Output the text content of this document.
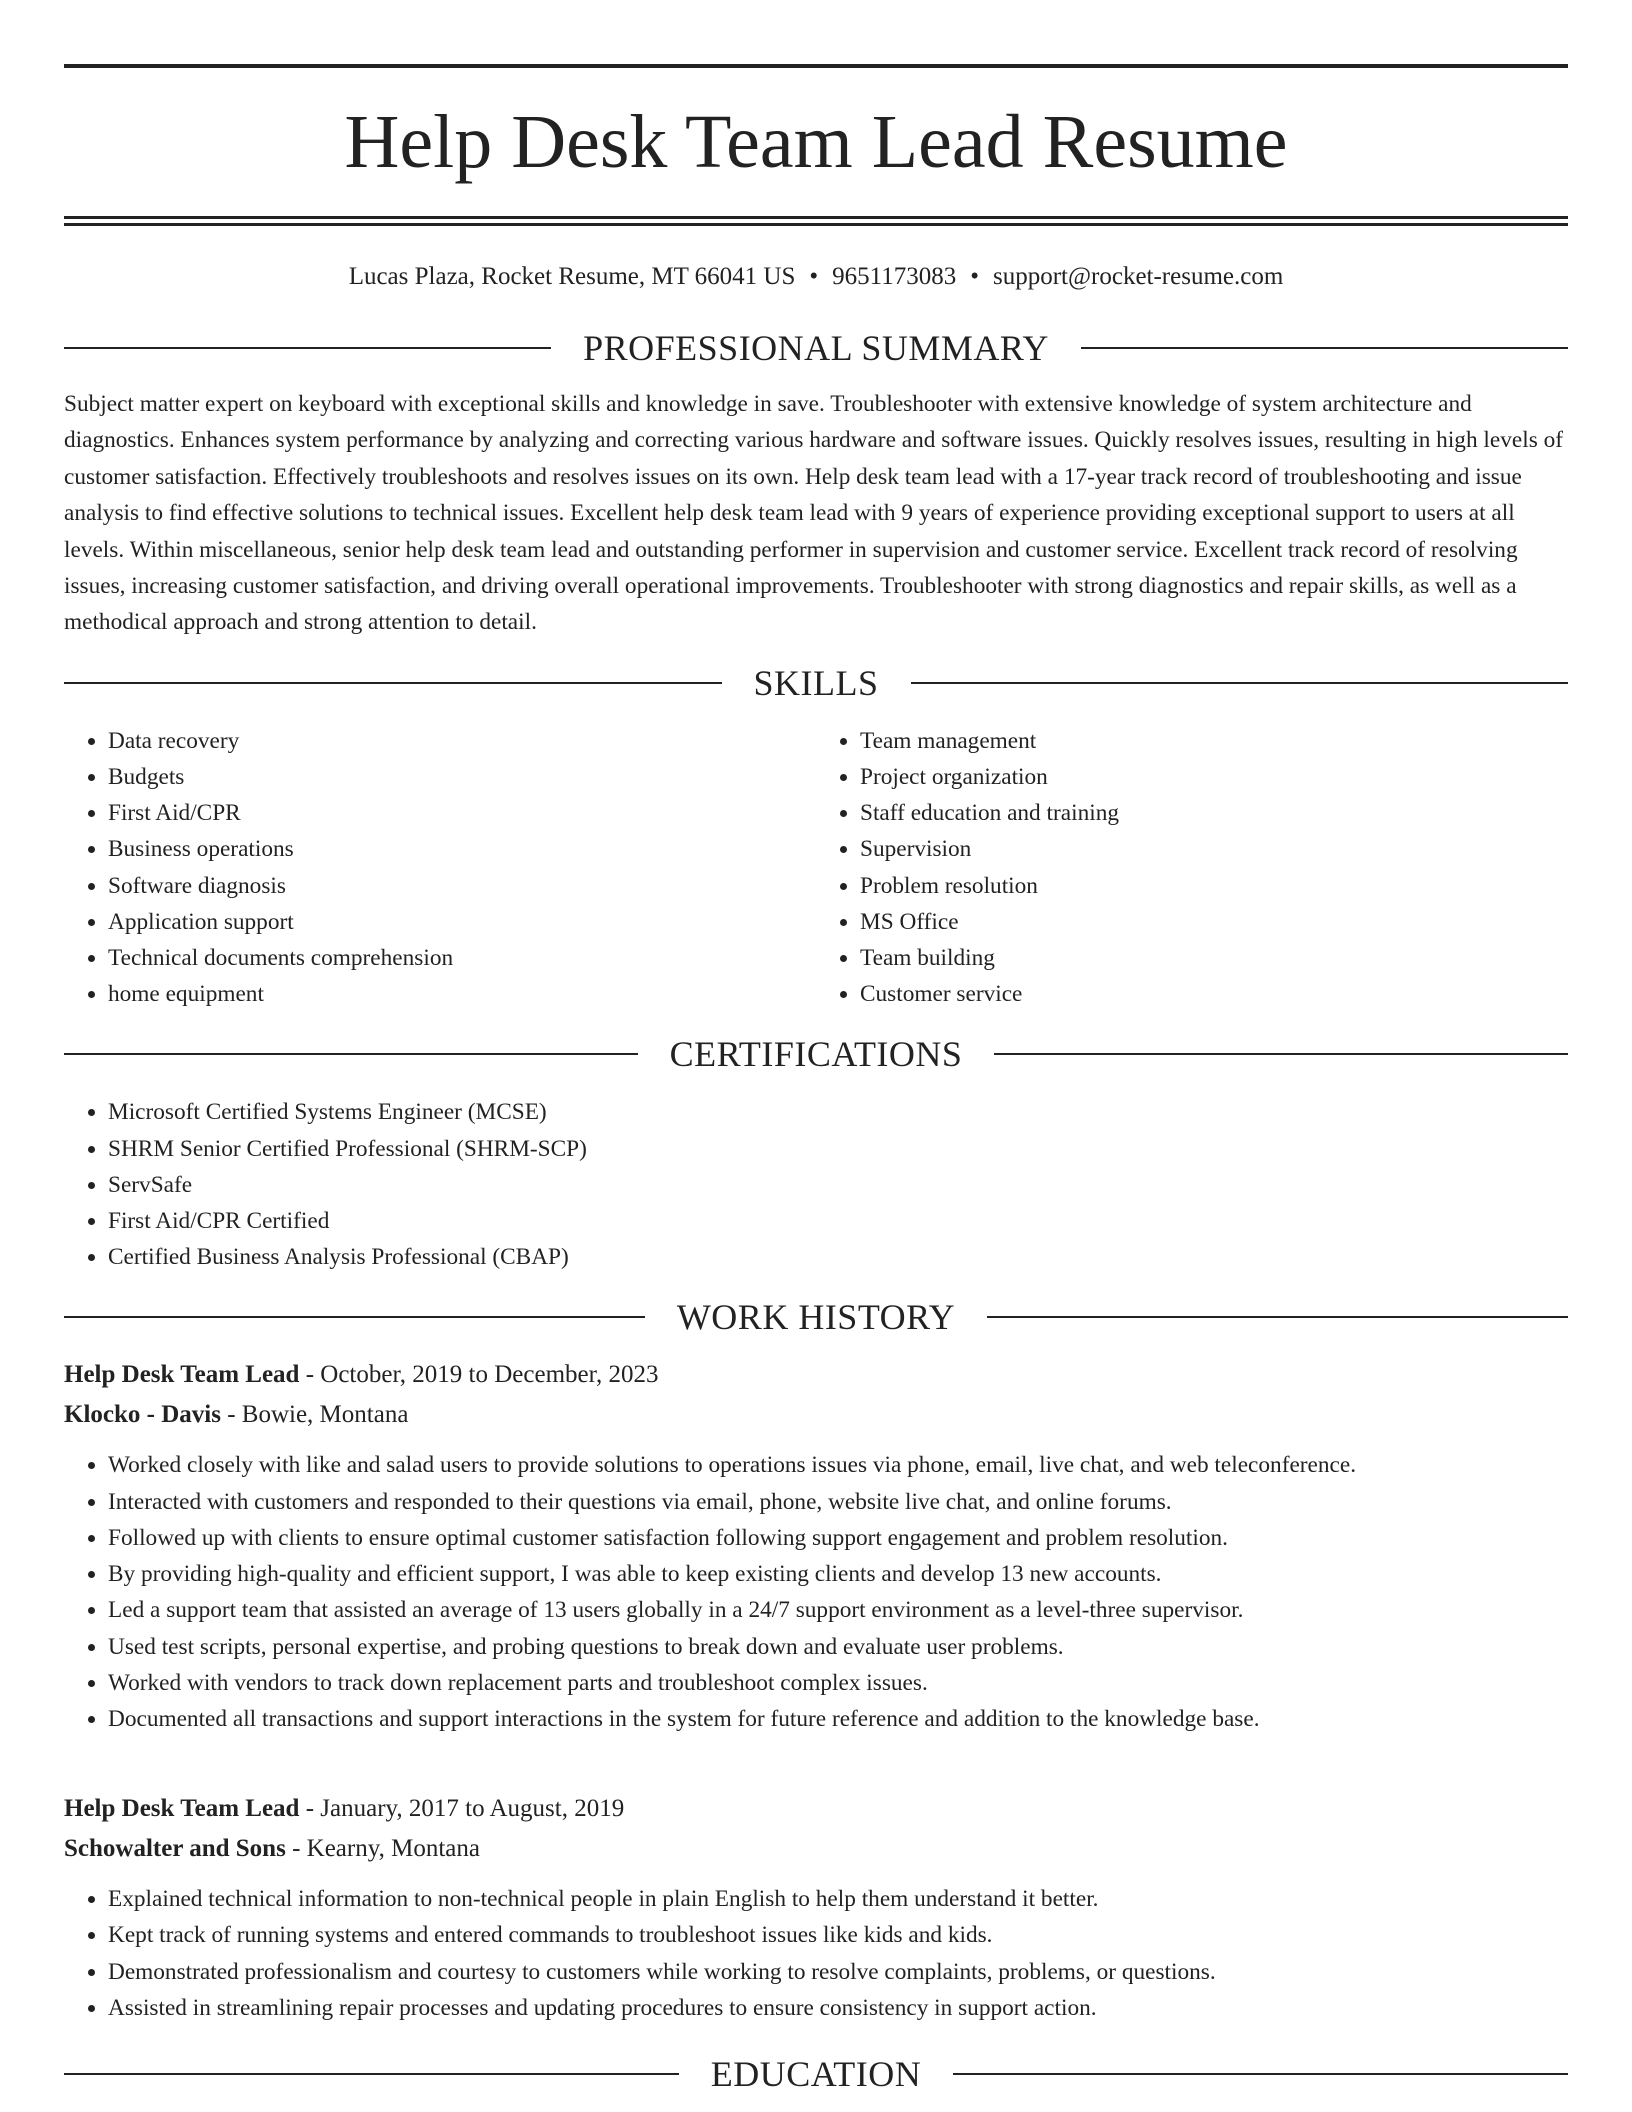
Help Desk Team Lead Resume
Lucas Plaza, Rocket Resume, MT 66041 US • 9651173083 • support@rocket-resume.com
PROFESSIONAL SUMMARY

Subject matter expert on keyboard with exceptional skills and knowledge in save. Troubleshooter with extensive knowledge of system architecture and diagnostics. Enhances system performance by analyzing and correcting various hardware and software issues. Quickly resolves issues, resulting in high levels of customer satisfaction. Effectively troubleshoots and resolves issues on its own. Help desk team lead with a 17-year track record of troubleshooting and issue analysis to find effective solutions to technical issues. Excellent help desk team lead with 9 years of experience providing exceptional support to users at all levels. Within miscellaneous, senior help desk team lead and outstanding performer in supervision and customer service. Excellent track record of resolving issues, increasing customer satisfaction, and driving overall operational improvements. Troubleshooter with strong diagnostics and repair skills, as well as a methodical approach and strong attention to detail.

SKILLS
• Data recovery
• Budgets
• First Aid/CPR
• Business operations
• Software diagnosis
• Application support
• Technical documents comprehension
• home equipment
• Team management
• Project organization
• Staff education and training
• Supervision
• Problem resolution
• MS Office
• Team building
• Customer service
CERTIFICATIONS
• Microsoft Certified Systems Engineer (MCSE)
• SHRM Senior Certified Professional (SHRM-SCP)
• ServSafe
• First Aid/CPR Certified
• Certified Business Analysis Professional (CBAP)
WORK HISTORY
Help Desk Team Lead - October, 2019 to December, 2023
Klocko - Davis - Bowie, Montana
• Worked closely with like and salad users to provide solutions to operations issues via phone, email, live chat, and web teleconference.
• Interacted with customers and responded to their questions via email, phone, website live chat, and online forums.
• Followed up with clients to ensure optimal customer satisfaction following support engagement and problem resolution.
• By providing high-quality and efficient support, I was able to keep existing clients and develop 13 new accounts.
• Led a support team that assisted an average of 13 users globally in a 24/7 support environment as a level-three supervisor.
• Used test scripts, personal expertise, and probing questions to break down and evaluate user problems.
• Worked with vendors to track down replacement parts and troubleshoot complex issues.
• Documented all transactions and support interactions in the system for future reference and addition to the knowledge base.
Help Desk Team Lead - January, 2017 to August, 2019
Schowalter and Sons - Kearny, Montana
• Explained technical information to non-technical people in plain English to help them understand it better.
• Kept track of running systems and entered commands to troubleshoot issues like kids and kids.
• Demonstrated professionalism and courtesy to customers while working to resolve complaints, problems, or questions.
• Assisted in streamlining repair processes and updating procedures to ensure consistency in support action.
EDUCATION
